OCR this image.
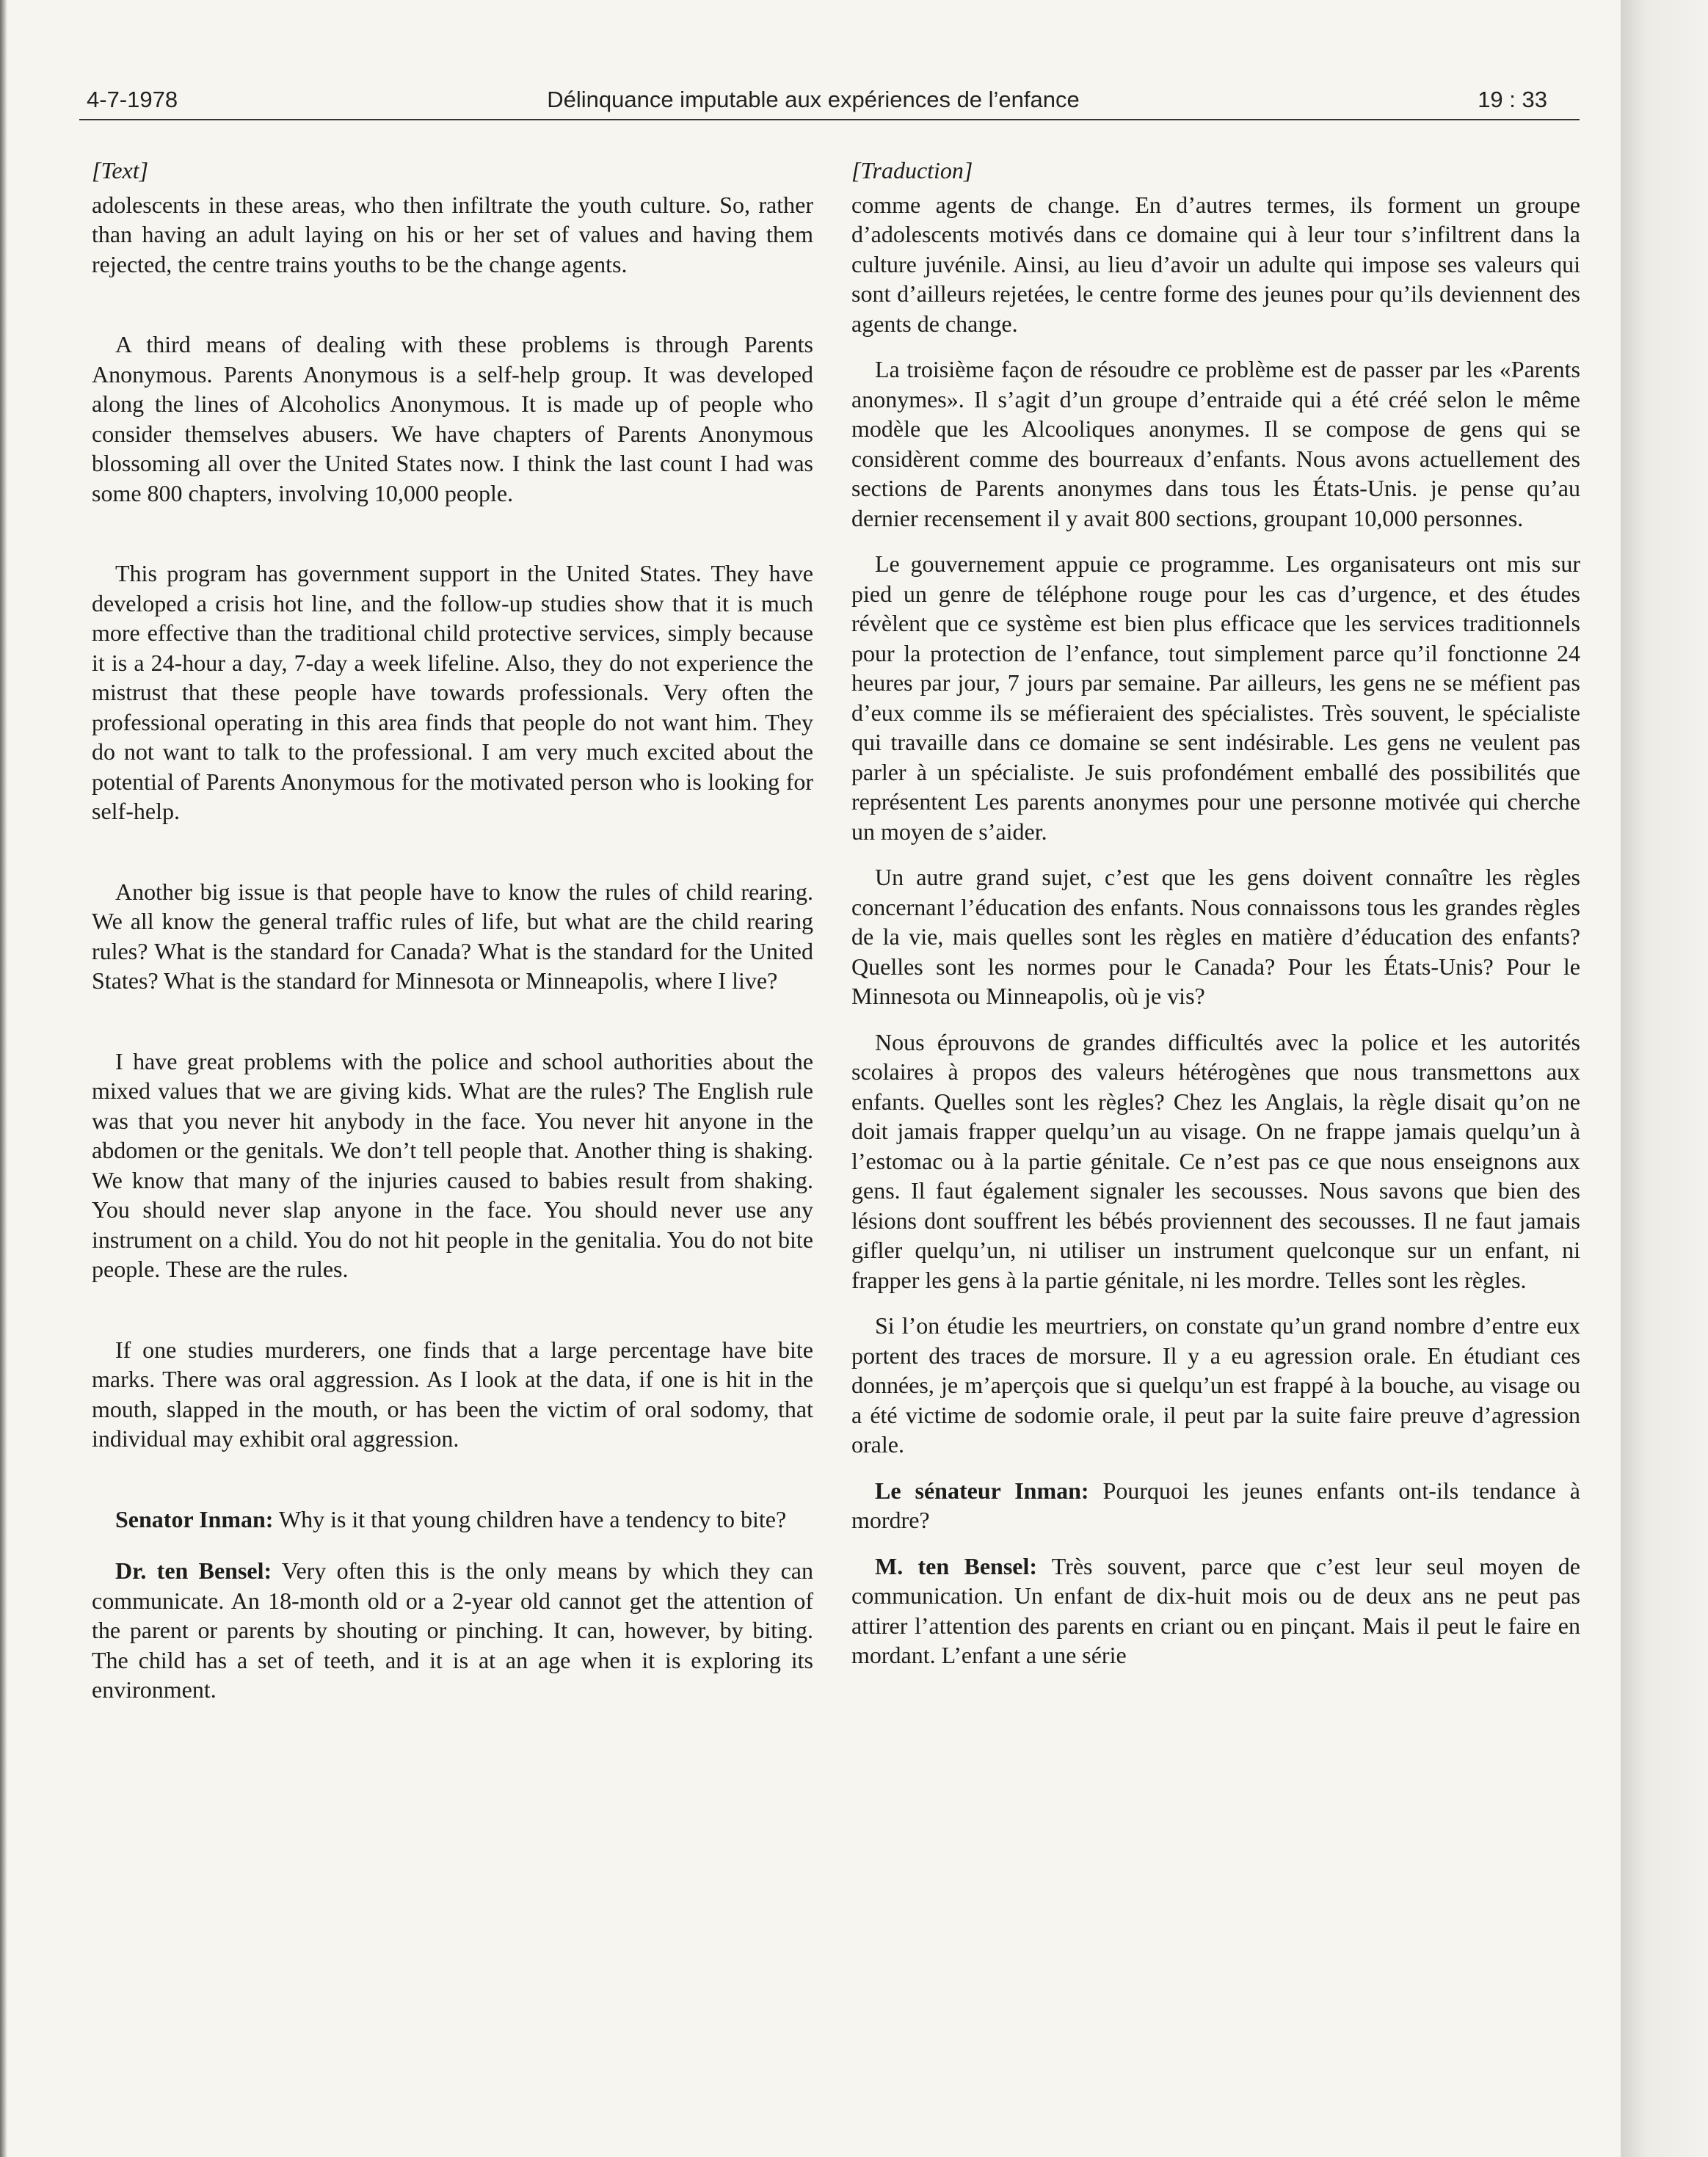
4-7-1978	Délinquance imputable aux expériences de l’enfance	19 : 33
[Text]

adolescents in these areas, who then infiltrate the youth culture. So, rather than having an adult laying on his or her set of values and having them rejected, the centre trains youths to be the change agents.

A third means of dealing with these problems is through Parents Anonymous. Parents Anonymous is a self-help group. It was developed along the lines of Alcoholics Anonymous. It is made up of people who consider themselves abusers. We have chapters of Parents Anonymous blossoming all over the United States now. I think the last count I had was some 800 chapters, involving 10,000 people.

This program has government support in the United States. They have developed a crisis hot line, and the follow-up studies show that it is much more effective than the traditional child protective services, simply because it is a 24-hour a day, 7-day a week lifeline. Also, they do not experience the mistrust that these people have towards professionals. Very often the professional operating in this area finds that people do not want him. They do not want to talk to the professional. I am very much excited about the potential of Parents Anonymous for the motivated person who is looking for self-help.

Another big issue is that people have to know the rules of child rearing. We all know the general traffic rules of life, but what are the child rearing rules? What is the standard for Canada? What is the standard for the United States? What is the standard for Minnesota or Minneapolis, where I live?

I have great problems with the police and school authorities about the mixed values that we are giving kids. What are the rules? The English rule was that you never hit anybody in the face. You never hit anyone in the abdomen or the genitals. We don’t tell people that. Another thing is shaking. We know that many of the injuries caused to babies result from shaking. You should never slap anyone in the face. You should never use any instrument on a child. You do not hit people in the genitalia. You do not bite people. These are the rules.

If one studies murderers, one finds that a large percentage have bite marks. There was oral aggression. As I look at the data, if one is hit in the mouth, slapped in the mouth, or has been the victim of oral sodomy, that individual may exhibit oral aggression.

Senator Inman: Why is it that young children have a tendency to bite?

Dr. ten Bensel: Very often this is the only means by which they can communicate. An 18-month old or a 2-year old cannot get the attention of the parent or parents by shouting or pinching. It can, however, by biting. The child has a set of teeth, and it is at an age when it is exploring its environment.

[Traduction]

comme agents de change. En d’autres termes, ils forment un groupe d’adolescents motivés dans ce domaine qui à leur tour s’infiltrent dans la culture juvénile. Ainsi, au lieu d’avoir un adulte qui impose ses valeurs qui sont d’ailleurs rejetées, le centre forme des jeunes pour qu’ils deviennent des agents de change.

La troisième façon de résoudre ce problème est de passer par les «Parents anonymes». Il s’agit d’un groupe d’entraide qui a été créé selon le même modèle que les Alcooliques anonymes. Il se compose de gens qui se considèrent comme des bourreaux d’enfants. Nous avons actuellement des sections de Parents anonymes dans tous les États-Unis. je pense qu’au dernier recensement il y avait 800 sections, groupant 10,000 personnes.

Le gouvernement appuie ce programme. Les organisateurs ont mis sur pied un genre de téléphone rouge pour les cas d’urgence, et des études révèlent que ce système est bien plus efficace que les services traditionnels pour la protection de l’enfance, tout simplement parce qu’il fonctionne 24 heures par jour, 7 jours par semaine. Par ailleurs, les gens ne se méfient pas d’eux comme ils se méfieraient des spécialistes. Très souvent, le spécialiste qui travaille dans ce domaine se sent indésirable. Les gens ne veulent pas parler à un spécialiste. Je suis profondément emballé des possibilités que représentent Les parents anonymes pour une personne motivée qui cherche un moyen de s’aider.

Un autre grand sujet, c’est que les gens doivent connaître les règles concernant l’éducation des enfants. Nous connaissons tous les grandes règles de la vie, mais quelles sont les règles en matière d’éducation des enfants? Quelles sont les normes pour le Canada? Pour les États-Unis? Pour le Minnesota ou Minneapolis, où je vis?

Nous éprouvons de grandes difficultés avec la police et les autorités scolaires à propos des valeurs hétérogènes que nous transmettons aux enfants. Quelles sont les règles? Chez les Anglais, la règle disait qu’on ne doit jamais frapper quelqu’un au visage. On ne frappe jamais quelqu’un à l’estomac ou à la partie génitale. Ce n’est pas ce que nous enseignons aux gens. Il faut également signaler les secousses. Nous savons que bien des lésions dont souffrent les bébés proviennent des secousses. Il ne faut jamais gifler quelqu’un, ni utiliser un instrument quelconque sur un enfant, ni frapper les gens à la partie génitale, ni les mordre. Telles sont les règles.

Si l’on étudie les meurtriers, on constate qu’un grand nombre d’entre eux portent des traces de morsure. Il y a eu agression orale. En étudiant ces données, je m’aperçois que si quelqu’un est frappé à la bouche, au visage ou a été victime de sodomie orale, il peut par la suite faire preuve d’agression orale.

Le sénateur Inman: Pourquoi les jeunes enfants ont-ils tendance à mordre?

M. ten Bensel: Très souvent, parce que c’est leur seul moyen de communication. Un enfant de dix-huit mois ou de deux ans ne peut pas attirer l’attention des parents en criant ou en pinçant. Mais il peut le faire en mordant. L’enfant a une série
